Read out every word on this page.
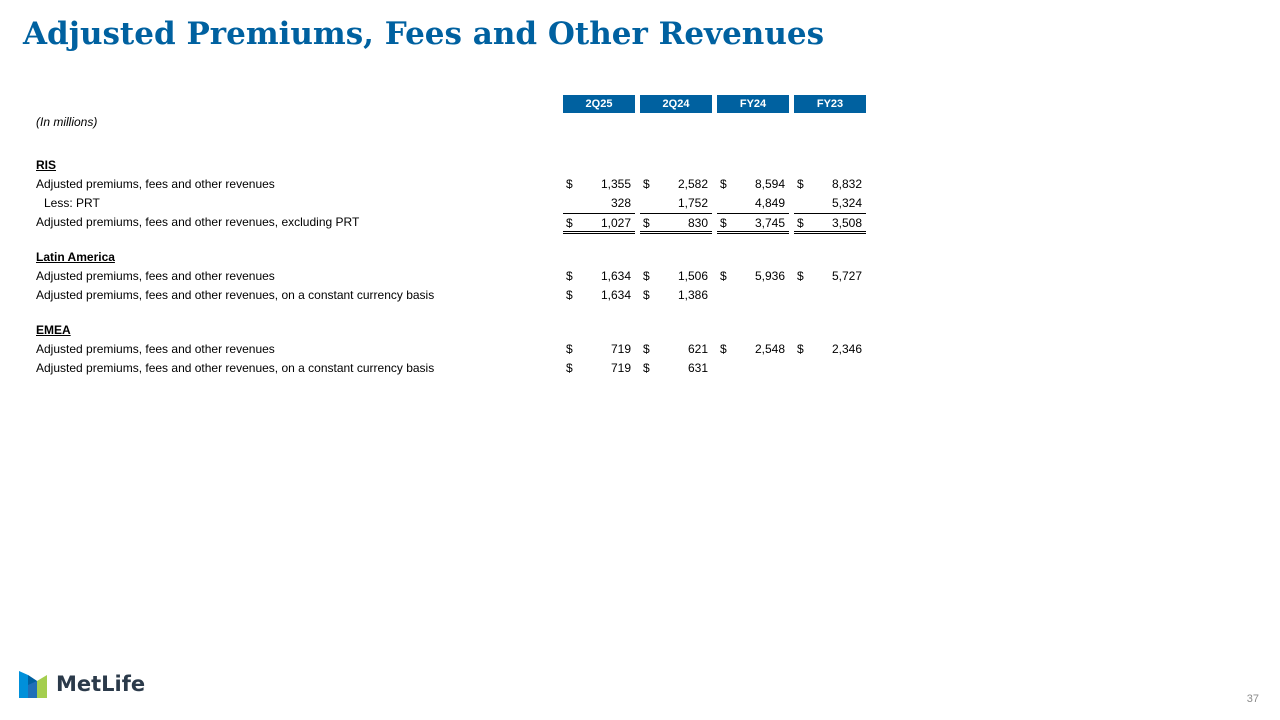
Adjusted Premiums, Fees and Other Revenues
2Q25	2Q24	FY24	FY23
(In millions)
RIS
Adjusted premiums, fees and other revenues	$ 1,355 $ 2,582 $ 8,594 $ 8,832
Less: PRT	328	1,752	4,849	5,324
Adjusted premiums, fees and other revenues, excluding PRT	$ 1,027 $	830 $ 3,745 $ 3,508
Latin America
Adjusted premiums, fees and other revenues	$ 1,634 $ 1,506 $ 5,936 $ 5,727
Adjusted premiums, fees and other revenues, on a constant currency basis	$ 1,634 $ 1,386
EMEA
Adjusted premiums, fees and other revenues	$	719 $	621 $ 2,548 $ 2,346
Adjusted premiums, fees and other revenues, on a constant currency basis	$	719 $	631
MetLife
37
